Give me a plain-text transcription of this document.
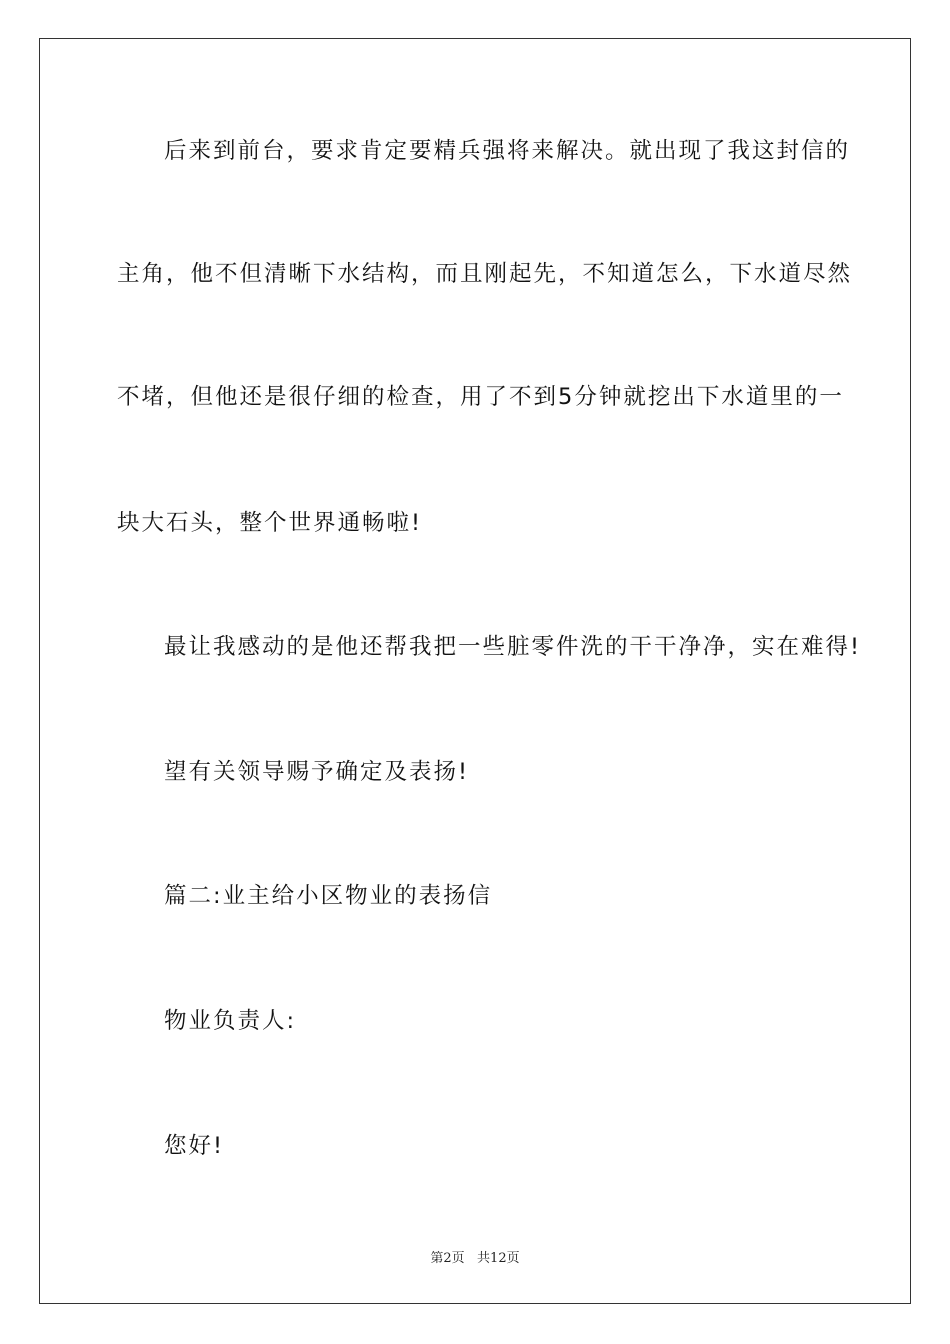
后来到前台，要求肯定要精兵强将来解决。就出现了我这封信的
主角，他不但清晰下水结构，而且刚起先，不知道怎么，下水道尽然
不堵，但他还是很仔细的检查，用了不到5分钟就挖出下水道里的一
块大石头，整个世界通畅啦!
最让我感动的是他还帮我把一些脏零件洗的干干净净，实在难得!
望有关领导赐予确定及表扬!
篇二:业主给小区物业的表扬信
物业负责人:
您好!
第2页   共12页
